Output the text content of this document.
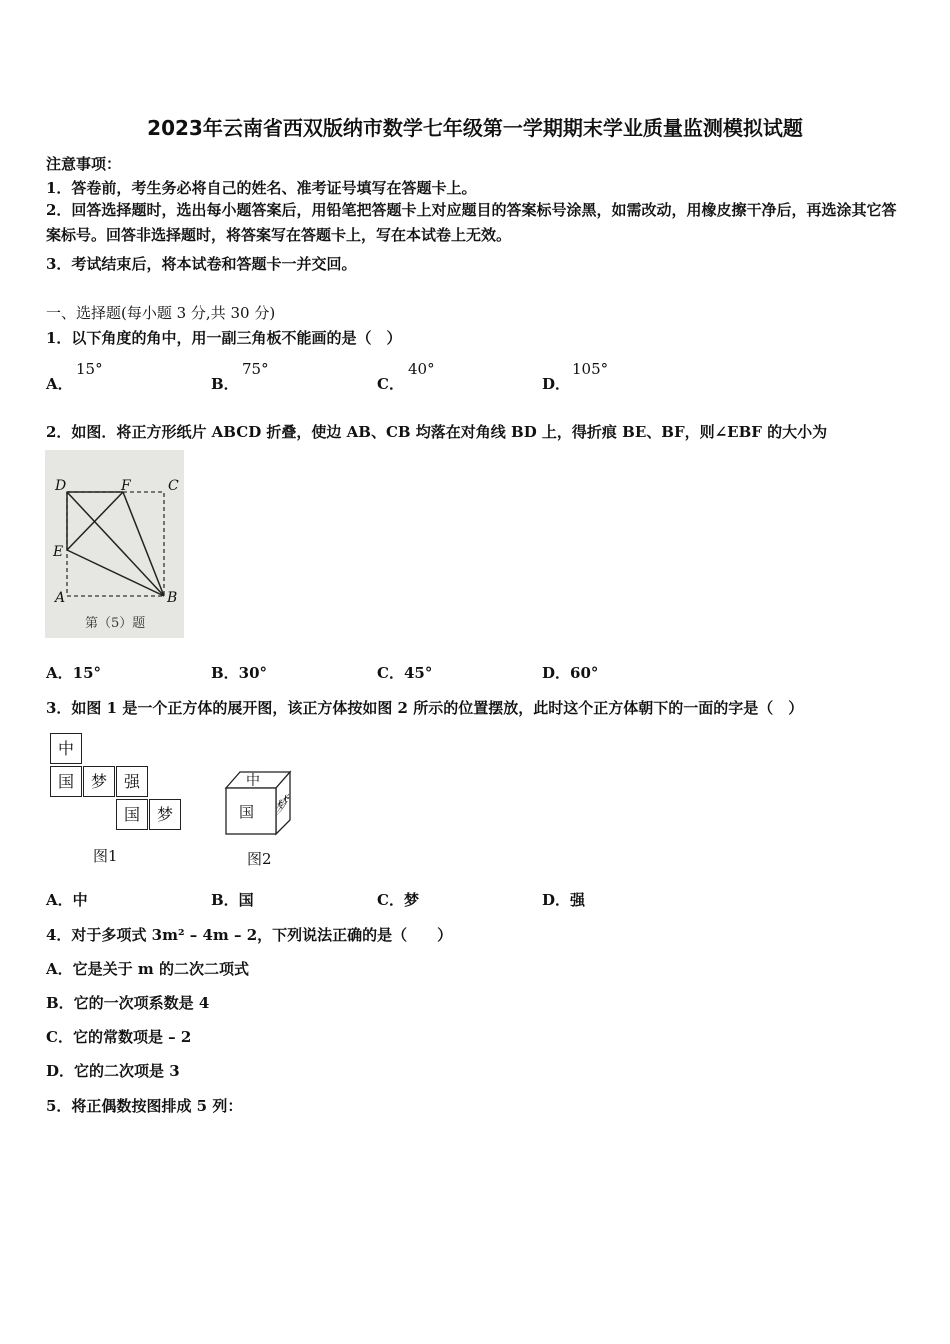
2023年云南省西双版纳市数学七年级第一学期期末学业质量监测模拟试题
注意事项：
1．答卷前，考生务必将自己的姓名、准考证号填写在答题卡上。
2．回答选择题时，选出每小题答案后，用铅笔把答题卡上对应题目的答案标号涂黑，如需改动，用橡皮擦干净后，再选涂其它答案标号。回答非选择题时，将答案写在答题卡上，写在本试卷上无效。
3．考试结束后，将本试卷和答题卡一并交回。
一、选择题(每小题 3 分,共 30 分)
1．以下角度的角中，用一副三角板不能画的是（　）
A．
15°
B．
75°
C．
40°
D．
105°
2．如图．将正方形纸片 ABCD 折叠，使边 AB、CB 均落在对角线 BD 上，得折痕 BE、BF，则∠EBF 的大小为
D	F	C
E
A	B
第（5）题
A．15°	B．30°	C．45°	D．60°
3．如图 1 是一个正方体的展开图，该正方体按如图 2 所示的位置摆放，此时这个正方体朝下的一面的字是（　）
中
国	梦	强
国	梦
图1
中
国 梦
图2
A．中	B．国	C．梦	D．强
4．对于多项式 3m² – 4m – 2，下列说法正确的是（　　）
A．它是关于 m 的二次二项式
B．它的一次项系数是 4
C．它的常数项是 – 2
D．它的二次项是 3
5．将正偶数按图排成 5 列：
